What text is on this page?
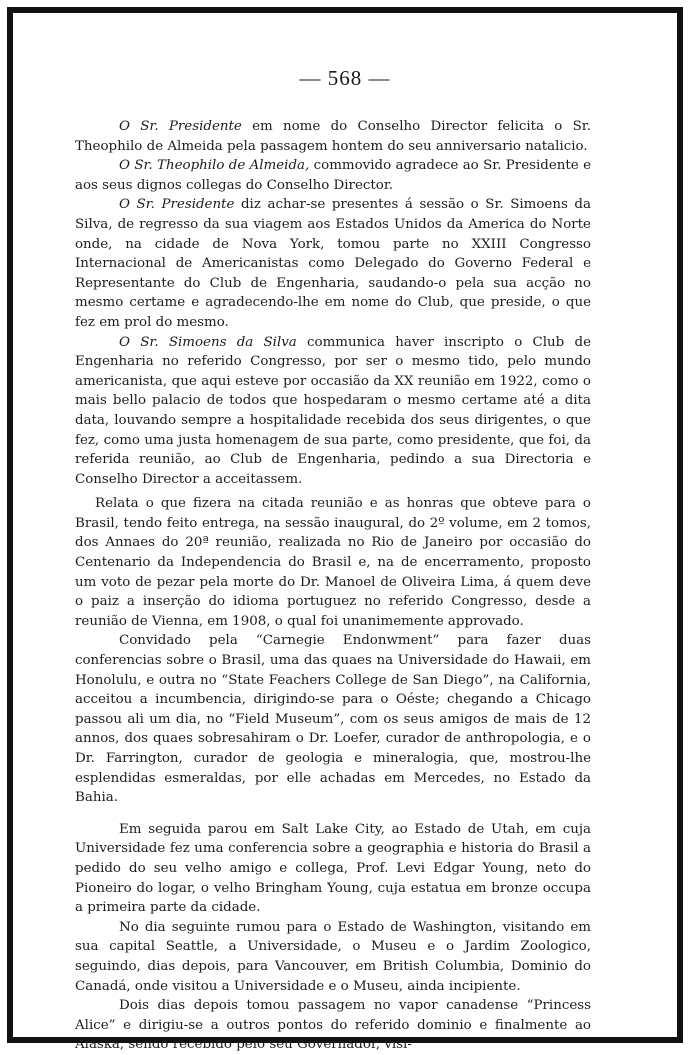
— 568 —

O Sr. Presidente em nome do Conselho Director felicita o Sr. Theophilo de Almeida pela passagem hontem do seu anniversario natalicio.

O Sr. Theophilo de Almeida, commovido agradece ao Sr. Presidente e aos seus dignos collegas do Conselho Director.

O Sr. Presidente diz achar-se presentes á sessão o Sr. Simoens da Silva, de regresso da sua viagem aos Estados Unidos da America do Norte onde, na cidade de Nova York, tomou parte no XXIII Congresso Internacional de Americanistas como Delegado do Governo Federal e Representante do Club de Engenharia, saudando-o pela sua acção no mesmo certame e agradecendo-lhe em nome do Club, que preside, o que fez em prol do mesmo.

O Sr. Simoens da Silva communica haver inscripto o Club de Engenharia no referido Congresso, por ser o mesmo tido, pelo mundo americanista, que aqui esteve por occasião da XX reunião em 1922, como o mais bello palacio de todos que hospedaram o mesmo certame até a dita data, louvando sempre a hospitalidade recebida dos seus dirigentes, o que fez, como uma justa homenagem de sua parte, como presidente, que foi, da referida reunião, ao Club de Engenharia, pedindo a sua Directoria e Conselho Director a acceitassem.

Relata o que fizera na citada reunião e as honras que obteve para o Brasil, tendo feito entrega, na sessão inaugural, do 2º volume, em 2 tomos, dos Annaes do 20ª reunião, realizada no Rio de Janeiro por occasião do Centenario da Independencia do Brasil e, na de encerramento, proposto um voto de pezar pela morte do Dr. Manoel de Oliveira Lima, á quem deve o paiz a inserção do idioma portuguez no referido Congresso, desde a reunião de Vienna, em 1908, o qual foi unanimemente approvado.

Convidado pela “Carnegie Endonwment” para fazer duas conferencias sobre o Brasil, uma das quaes na Universidade do Hawaii, em Honolulu, e outra no “State Feachers College de San Diego”, na California, acceitou a incumbencia, dirigindo-se para o Oéste; chegando a Chicago passou ali um dia, no “Field Museum”, com os seus amigos de mais de 12 annos, dos quaes sobresahiram o Dr. Loefer, curador de anthropologia, e o Dr. Farrington, curador de geologia e mineralogia, que, mostrou-lhe esplendidas esmeraldas, por elle achadas em Mercedes, no Estado da Bahia.

Em seguida parou em Salt Lake City, ao Estado de Utah, em cuja Universidade fez uma conferencia sobre a geographia e historia do Brasil a pedido do seu velho amigo e collega, Prof. Levi Edgar Young, neto do Pioneiro do logar, o velho Bringham Young, cuja estatua em bronze occupa a primeira parte da cidade.

No dia seguinte rumou para o Estado de Washington, visitando em sua capital Seattle, a Universidade, o Museu e o Jardim Zoologico, seguindo, dias depois, para Vancouver, em British Columbia, Dominio do Canadá, onde visitou a Universidade e o Museu, ainda incipiente.

Dois dias depois tomou passagem no vapor canadense “Princess Alice” e dirigiu-se a outros pontos do referido dominio e finalmente ao Alaska, sendo recebido pelo seu Governador, visi-
